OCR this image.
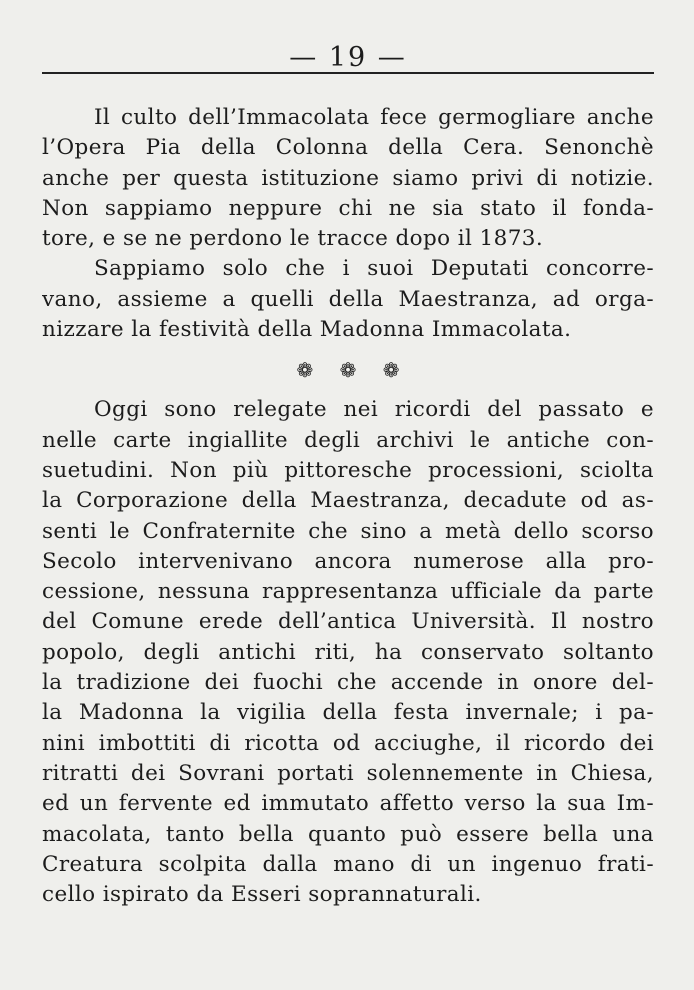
— 19 —
Il culto dell’Immacolata fece germogliare anche
l’Opera Pia della Colonna della Cera. Senonchè
anche per questa istituzione siamo privi di notizie.
Non sappiamo neppure chi ne sia stato il fonda-
tore, e se ne perdono le tracce dopo il 1873.
Sappiamo solo che i suoi Deputati concorre-
vano, assieme a quelli della Maestranza, ad orga-
nizzare la festività della Madonna Immacolata.
❁ ❁ ❁
Oggi sono relegate nei ricordi del passato e
nelle carte ingiallite degli archivi le antiche con-
suetudini. Non più pittoresche processioni, sciolta
la Corporazione della Maestranza, decadute od as-
senti le Confraternite che sino a metà dello scorso
Secolo intervenivano ancora numerose alla pro-
cessione, nessuna rappresentanza ufficiale da parte
del Comune erede dell’antica Università. Il nostro
popolo, degli antichi riti, ha conservato soltanto
la tradizione dei fuochi che accende in onore del-
la Madonna la vigilia della festa invernale; i pa-
nini imbottiti di ricotta od acciughe, il ricordo dei
ritratti dei Sovrani portati solennemente in Chiesa,
ed un fervente ed immutato affetto verso la sua Im-
macolata, tanto bella quanto può essere bella una
Creatura scolpita dalla mano di un ingenuo frati-
cello ispirato da Esseri soprannaturali.
